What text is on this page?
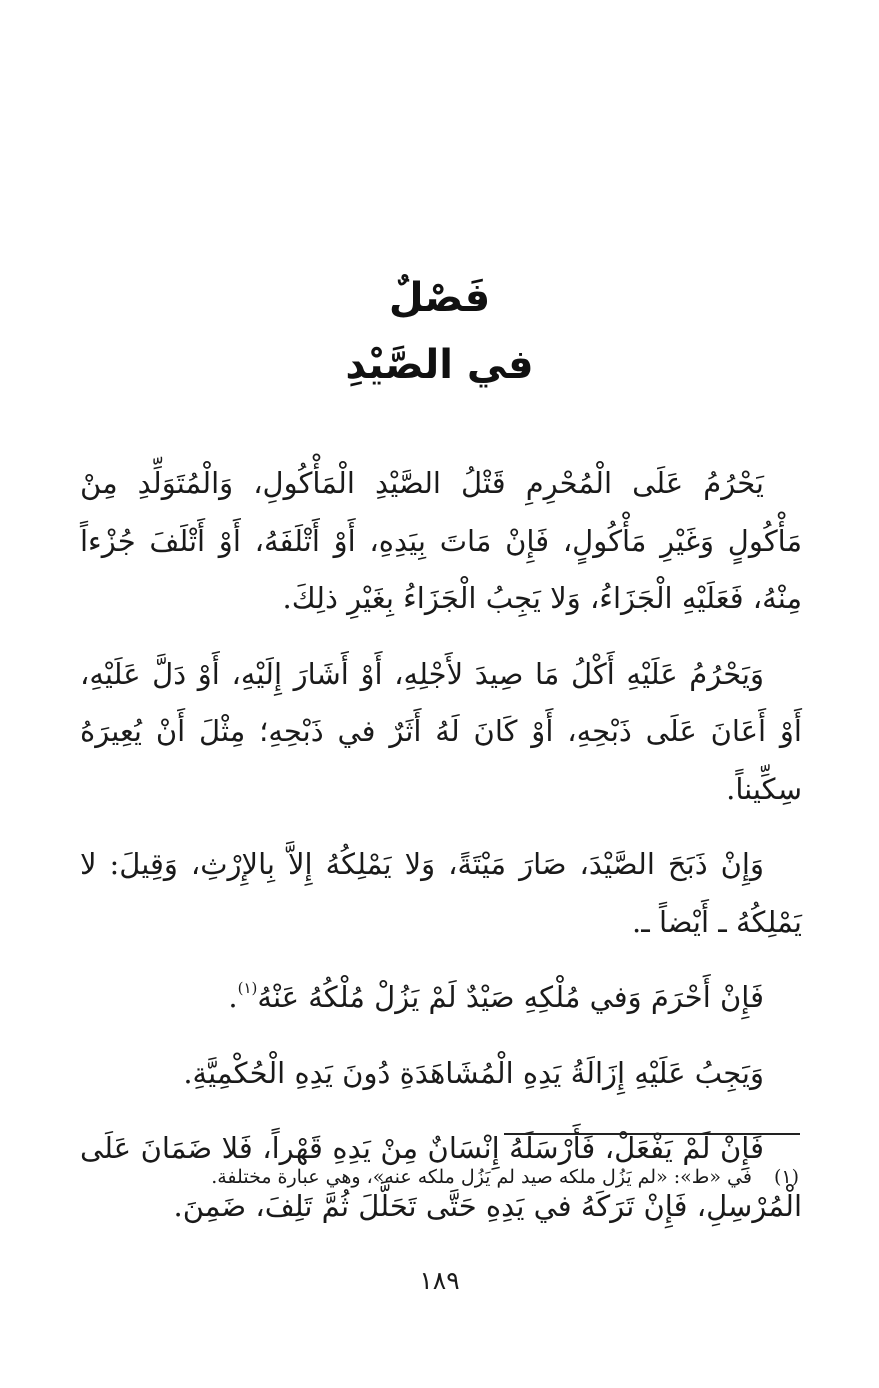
فَصْلٌ
في الصَّيْدِ

يَحْرُمُ عَلَى الْمُحْرِمِ قَتْلُ الصَّيْدِ الْمَأْكُولِ، وَالْمُتَوَلِّدِ مِنْ مَأْكُولٍ وَغَيْرِ مَأْكُولٍ، فَإِنْ مَاتَ بِيَدِهِ، أَوْ أَتْلَفَهُ، أَوْ أَتْلَفَ جُزْءاً مِنْهُ، فَعَلَيْهِ الْجَزَاءُ، وَلا يَجِبُ الْجَزَاءُ بِغَيْرِ ذلِكَ.

وَيَحْرُمُ عَلَيْهِ أَكْلُ مَا صِيدَ لأَجْلِهِ، أَوْ أَشَارَ إِلَيْهِ، أَوْ دَلَّ عَلَيْهِ، أَوْ أَعَانَ عَلَى ذَبْحِهِ، أَوْ كَانَ لَهُ أَثَرٌ في ذَبْحِهِ؛ مِثْلَ أَنْ يُعِيرَهُ سِكِّيناً.

وَإِنْ ذَبَحَ الصَّيْدَ، صَارَ مَيْتَةً، وَلا يَمْلِكُهُ إِلاَّ بِالإِرْثِ، وَقِيلَ: لا يَمْلِكُهُ ـ أَيْضاً ـ.

فَإِنْ أَحْرَمَ وَفي مُلْكِهِ صَيْدٌ لَمْ يَزُلْ مُلْكُهُ عَنْهُ$^{(١)}$.

وَيَجِبُ عَلَيْهِ إِزَالَةُ يَدِهِ الْمُشَاهَدَةِ دُونَ يَدِهِ الْحُكْمِيَّةِ.

فَإِنْ لَمْ يَفْعَلْ، فَأَرْسَلَهُ إِنْسَانٌ مِنْ يَدِهِ قَهْراً، فَلا ضَمَانَ عَلَى الْمُرْسِلِ، فَإِنْ تَرَكَهُ في يَدِهِ حَتَّى تَحَلَّلَ ثُمَّ تَلِفَ، ضَمِنَ.

(١)في «ط»: «لم يَزُل ملكه صيد لم يَزُل ملكه عنه»، وهي عبارة مختلفة.
١٨٩
